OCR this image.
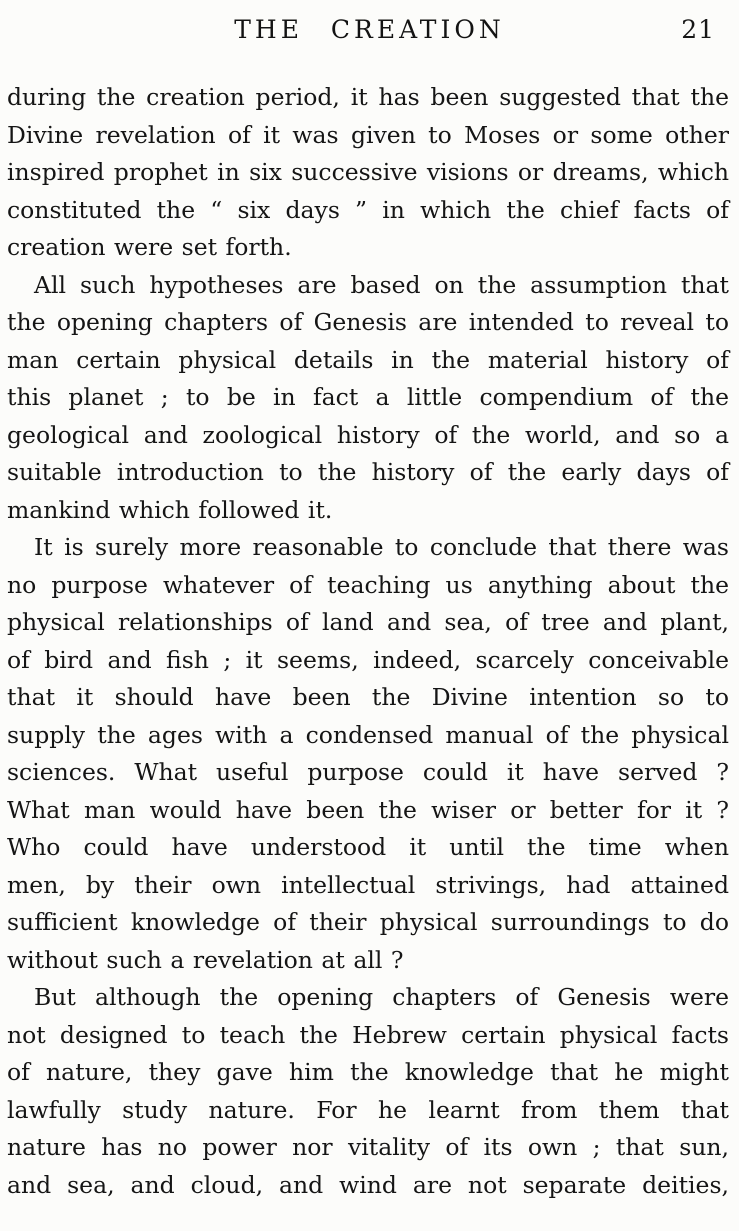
THE CREATION	21
during the creation period, it has been suggested that the
Divine revelation of it was given to Moses or some other
inspired prophet in six successive visions or dreams, which
constituted the “ six days ” in which the chief facts of
creation were set forth.
All such hypotheses are based on the assumption that
the opening chapters of Genesis are intended to reveal to
man certain physical details in the material history of
this planet ; to be in fact a little compendium of the
geological and zoological history of the world, and so a
suitable introduction to the history of the early days of
mankind which followed it.
It is surely more reasonable to conclude that there was
no purpose whatever of teaching us anything about the
physical relationships of land and sea, of tree and plant,
of bird and fish ; it seems, indeed, scarcely conceivable
that it should have been the Divine intention so to
supply the ages with a condensed manual of the physical
sciences. What useful purpose could it have served ?
What man would have been the wiser or better for it ?
Who could have understood it until the time when
men, by their own intellectual strivings, had attained
sufficient knowledge of their physical surroundings to do
without such a revelation at all ?
But although the opening chapters of Genesis were
not designed to teach the Hebrew certain physical facts
of nature, they gave him the knowledge that he might
lawfully study nature. For he learnt from them that
nature has no power nor vitality of its own ; that sun,
and sea, and cloud, and wind are not separate deities,
